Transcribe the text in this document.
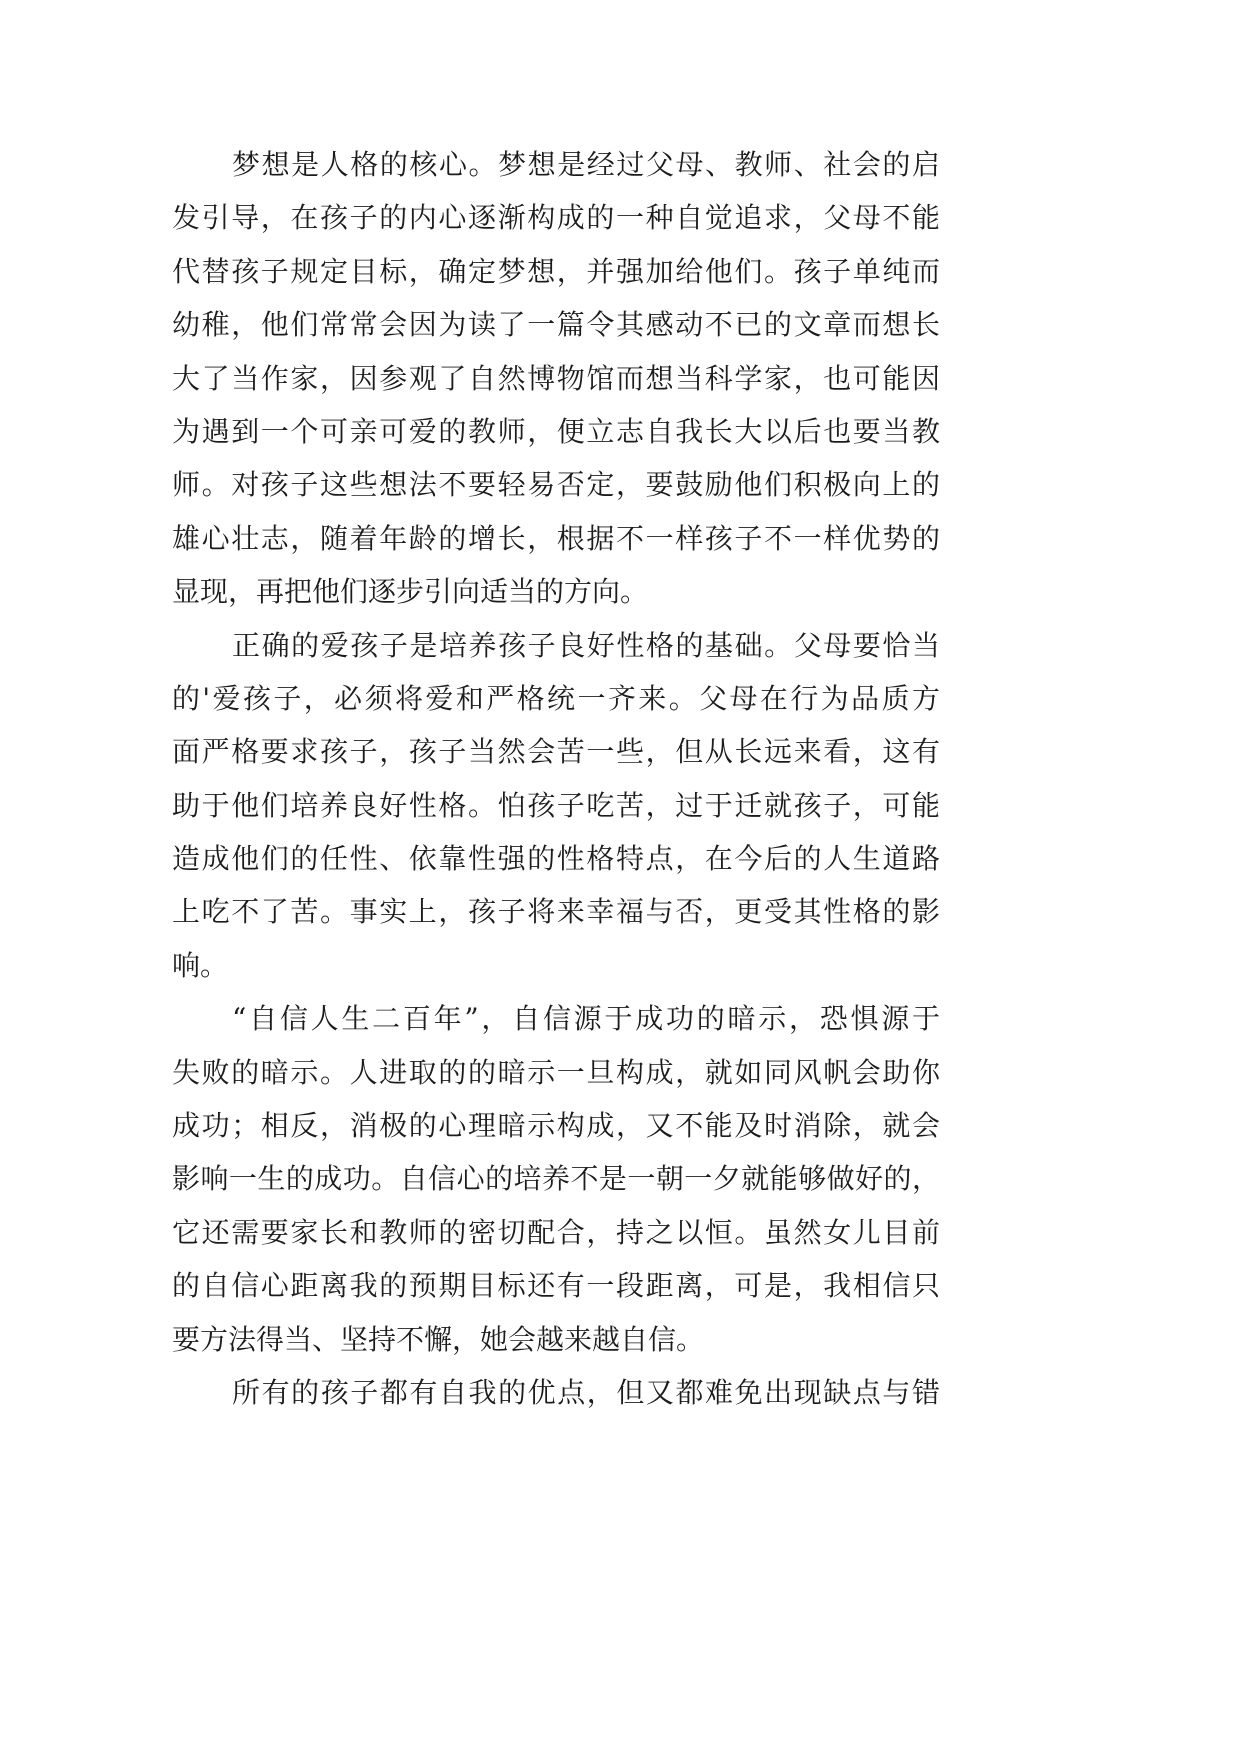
梦想是人格的核心。梦想是经过父母、教师、社会的启
发引导，在孩子的内心逐渐构成的一种自觉追求，父母不能
代替孩子规定目标，确定梦想，并强加给他们。孩子单纯而
幼稚，他们常常会因为读了一篇令其感动不已的文章而想长
大了当作家，因参观了自然博物馆而想当科学家，也可能因
为遇到一个可亲可爱的教师，便立志自我长大以后也要当教
师。对孩子这些想法不要轻易否定，要鼓励他们积极向上的
雄心壮志，随着年龄的增长，根据不一样孩子不一样优势的
显现，再把他们逐步引向适当的方向。
正确的爱孩子是培养孩子良好性格的基础。父母要恰当
的'爱孩子，必须将爱和严格统一齐来。父母在行为品质方
面严格要求孩子，孩子当然会苦一些，但从长远来看，这有
助于他们培养良好性格。怕孩子吃苦，过于迁就孩子，可能
造成他们的任性、依靠性强的性格特点，在今后的人生道路
上吃不了苦。事实上，孩子将来幸福与否，更受其性格的影
响。
“自信人生二百年”，自信源于成功的暗示，恐惧源于
失败的暗示。人进取的的暗示一旦构成，就如同风帆会助你
成功；相反，消极的心理暗示构成，又不能及时消除，就会
影响一生的成功。自信心的培养不是一朝一夕就能够做好的，
它还需要家长和教师的密切配合，持之以恒。虽然女儿目前
的自信心距离我的预期目标还有一段距离，可是，我相信只
要方法得当、坚持不懈，她会越来越自信。
所有的孩子都有自我的优点，但又都难免出现缺点与错
